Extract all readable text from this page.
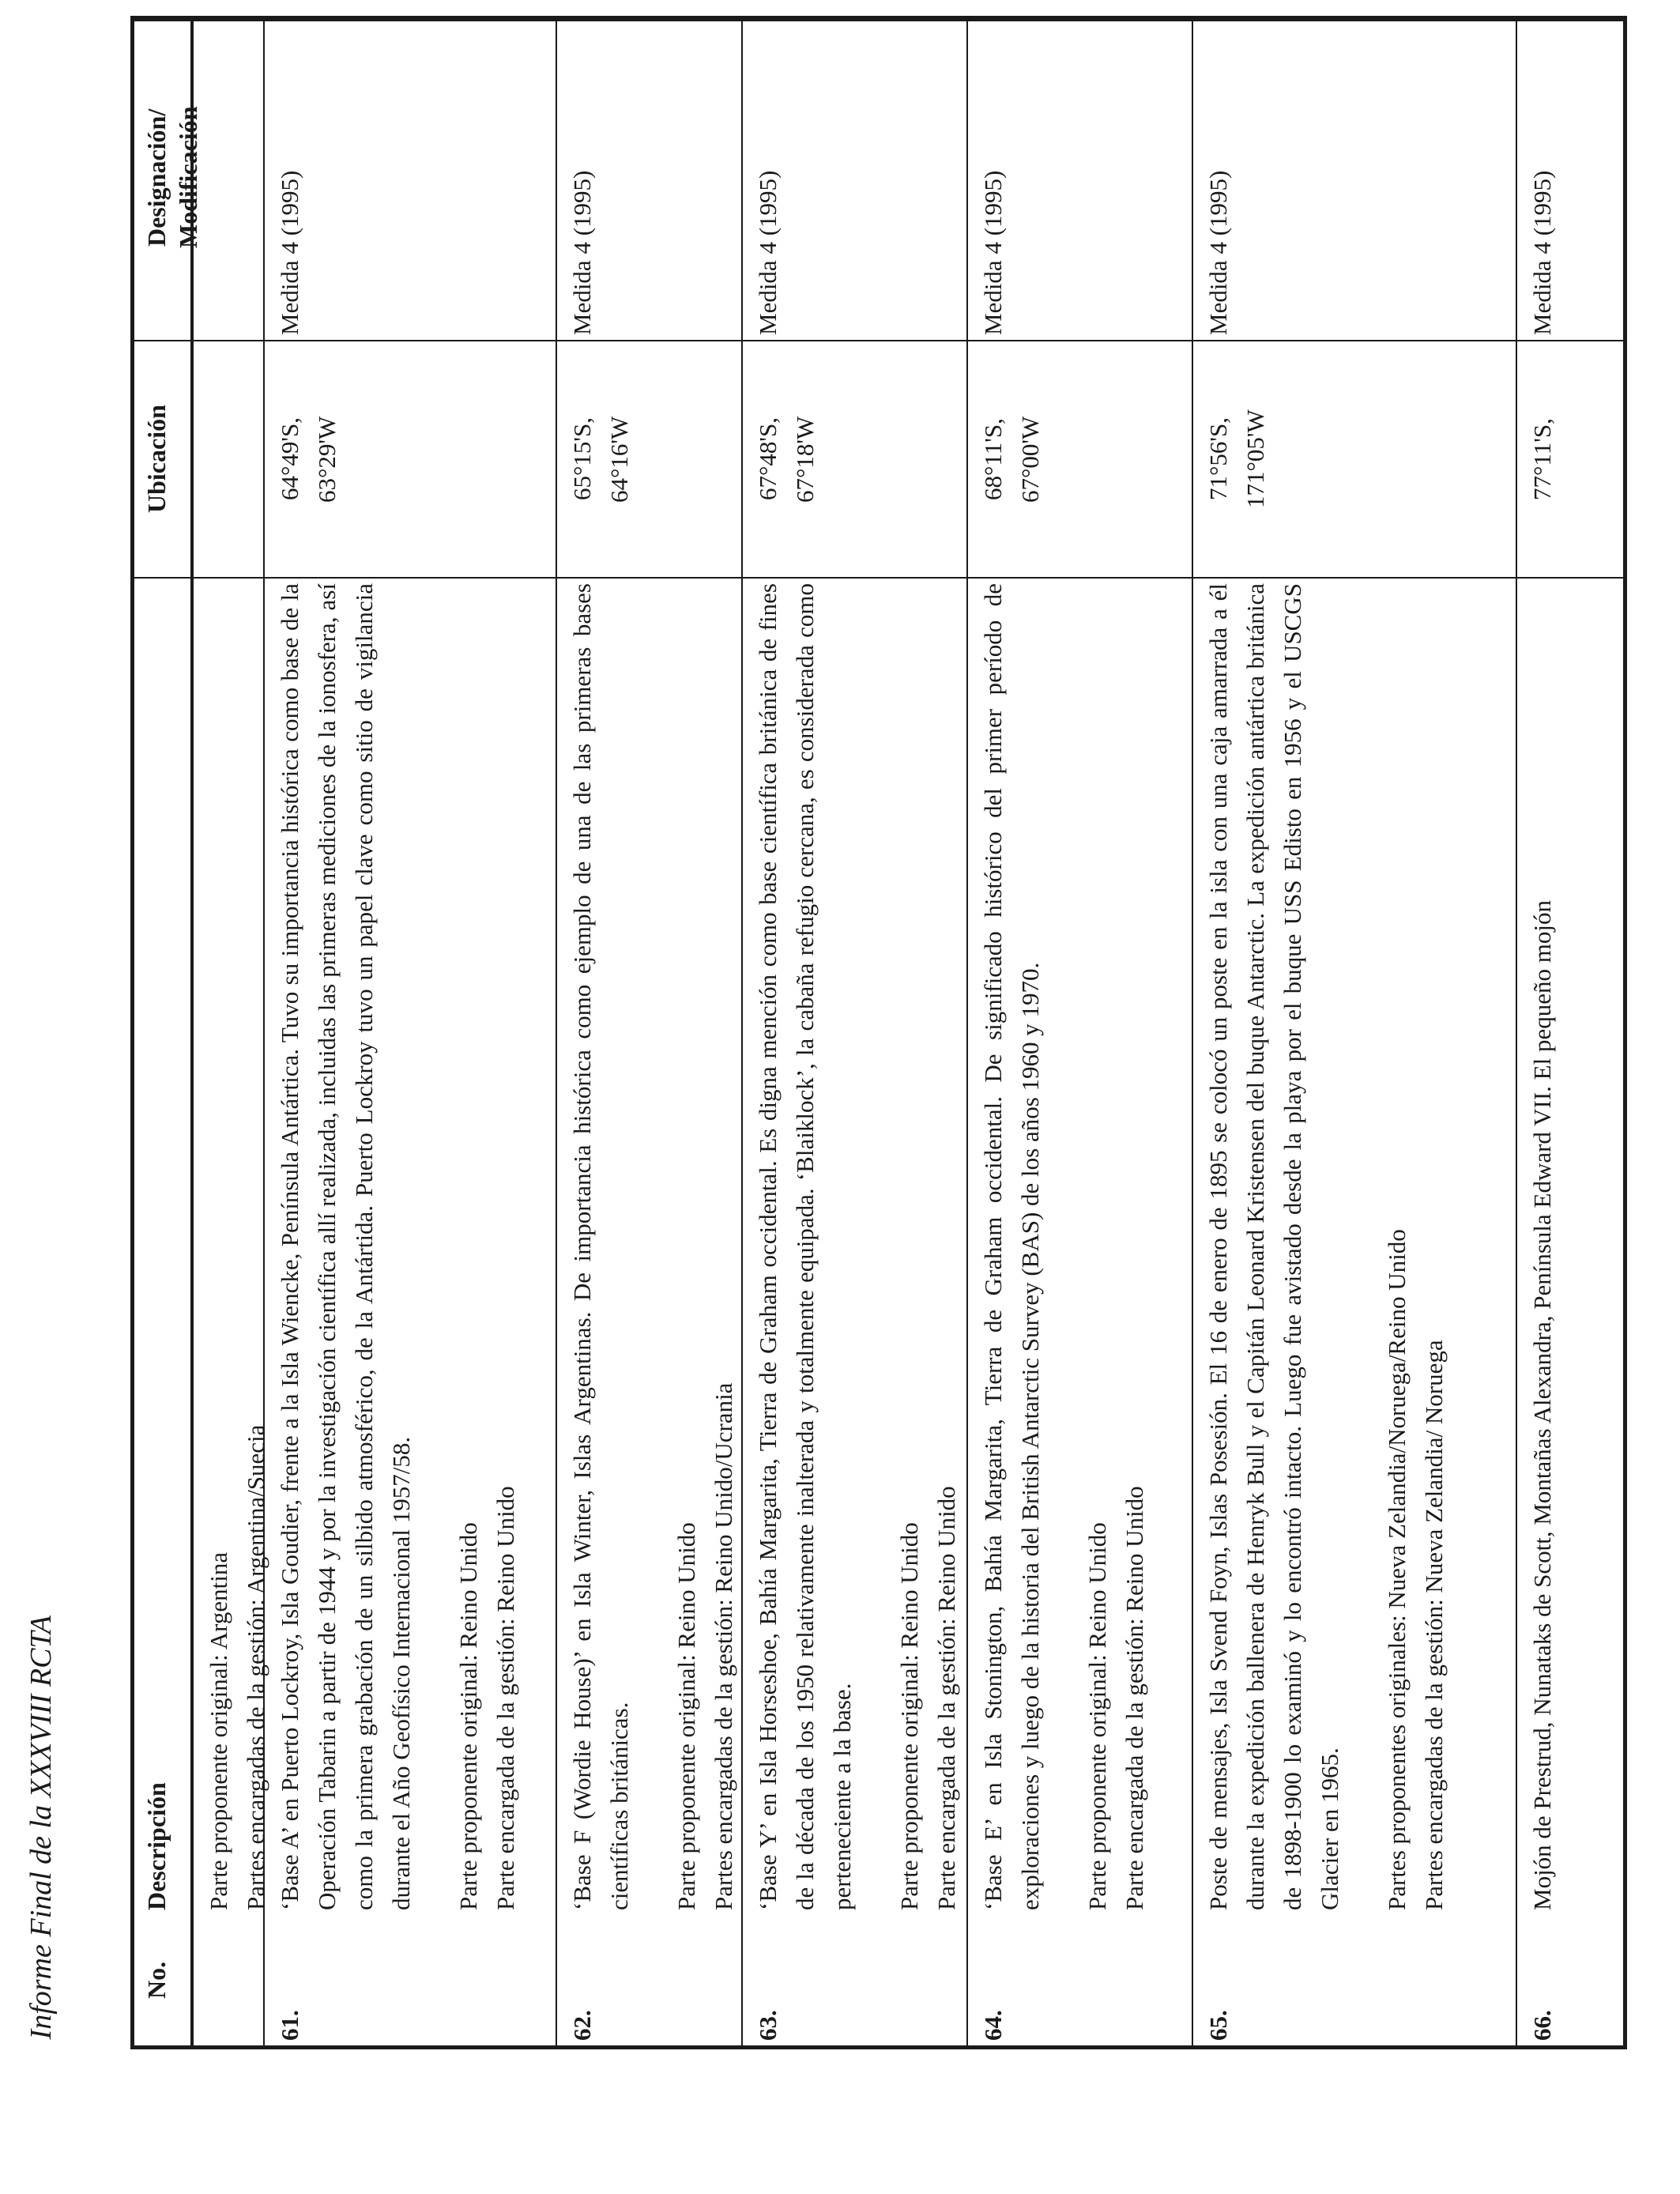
Informe Final de la XXXVIII RCTA	No.
Descripción
Ubicación
Designación/
Modificación
Parte proponente original: Argentina Partes encargadas de la gestión: Argentina/Suecia
61.
‘Base A’ en Puerto Lockroy, Isla Goudier, frente a la Isla Wiencke, Península Antártica. Tuvo su importancia histórica como base de la Operación Tabarin a partir de 1944 y por la investigación científica allí realizada, incluidas las primeras mediciones de la ionosfera, así como la primera grabación de un silbido atmosférico, de la Antártida. Puerto Lockroy tuvo un papel clave como sitio de vigilancia durante el Año Geofísico Internacional 1957/58. Parte proponente original: Reino Unido Parte encargada de la gestión: Reino Unido
64°49'S,
63°29'W
Medida 4 (1995)
62.
‘Base F (Wordie House)’ en Isla Winter, Islas Argentinas. De importancia histórica como ejemplo de una de las primeras bases científicas británicas. Parte proponente original: Reino Unido Partes encargadas de la gestión: Reino Unido/Ucrania
65°15'S,
64°16'W
Medida 4 (1995)
63.
‘Base Y’ en Isla Horseshoe, Bahía Margarita, Tierra de Graham occidental. Es digna mención como base científica británica de fines de la década de los 1950 relativamente inalterada y totalmente equipada. ‘Blaiklock’, la cabaña refugio cercana, es considerada como perteneciente a la base. Parte proponente original: Reino Unido Parte encargada de la gestión: Reino Unido
67°48'S,
67°18'W
Medida 4 (1995)
64.
‘Base E’ en Isla Stonington, Bahía Margarita, Tierra de Graham occidental. De significado histórico del primer período de exploraciones y luego de la historia del British Antarctic Survey (BAS) de los años 1960 y 1970. Parte proponente original: Reino Unido Parte encargada de la gestión: Reino Unido
68°11'S,
67°00'W
Medida 4 (1995)
65.
Poste de mensajes, Isla Svend Foyn, Islas Posesión. El 16 de enero de 1895 se colocó un poste en la isla con una caja amarrada a él durante la expedición ballenera de Henryk Bull y el Capitán Leonard Kristensen del buque Antarctic. La expedición antártica británica de 1898-1900 lo examinó y lo encontró intacto. Luego fue avistado desde la playa por el buque USS Edisto en 1956 y el USCGS Glacier en 1965. Partes proponentes originales: Nueva Zelandia/Noruega/Reino Unido Partes encargadas de la gestión: Nueva Zelandia/ Noruega
71°56'S,
171°05'W
Medida 4 (1995)
66.
Mojón de Prestrud, Nunataks de Scott, Montañas Alexandra, Península Edward VII. El pequeño mojón
77°11'S,
Medida 4 (1995)
